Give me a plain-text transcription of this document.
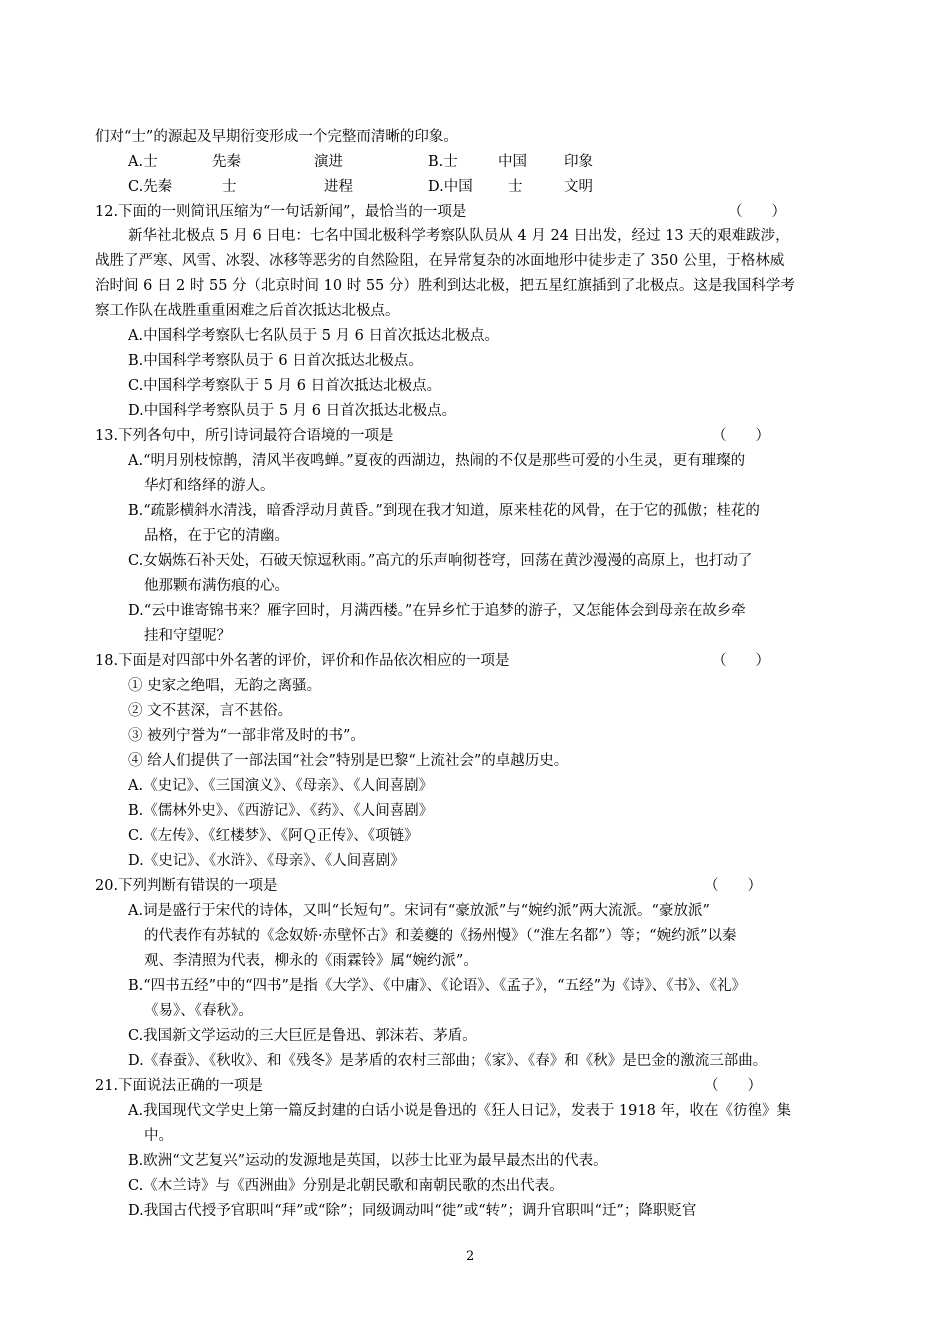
们对“士”的源起及早期衍变形成一个完整而清晰的印象。
A.士	先秦	演进	B.士	中国	印象
C.先秦	士	进程	D.中国 士	文明
12.下面的一则简讯压缩为“一句话新闻”，最恰当的一项是	（　　）
新华社北极点 5 月 6 日电：七名中国北极科学考察队队员从 4 月 24 日出发，经过 13 天的艰难跋涉，
战胜了严寒、风雪、冰裂、冰移等恶劣的自然险阻，在异常复杂的冰面地形中徒步走了 350 公里，于格林威
治时间 6 日 2 时 55 分（北京时间 10 时 55 分）胜利到达北极，把五星红旗插到了北极点。这是我国科学考
察工作队在战胜重重困难之后首次抵达北极点。
A.中国科学考察队七名队员于 5 月 6 日首次抵达北极点。
B.中国科学考察队员于 6 日首次抵达北极点。
C.中国科学考察队于 5 月 6 日首次抵达北极点。
D.中国科学考察队员于 5 月 6 日首次抵达北极点。
13.下列各句中，所引诗词最符合语境的一项是	（　　）
A.“明月别枝惊鹊，清风半夜鸣蝉。”夏夜的西湖边，热闹的不仅是那些可爱的小生灵，更有璀璨的
华灯和络绎的游人。
B.“疏影横斜水清浅，暗香浮动月黄昏。”到现在我才知道，原来桂花的风骨，在于它的孤傲；桂花的
品格，在于它的清幽。
C.女娲炼石补天处，石破天惊逗秋雨。”高亢的乐声响彻苍穹，回荡在黄沙漫漫的高原上，也打动了
他那颗布满伤痕的心。
D.“云中谁寄锦书来？雁字回时，月满西楼。”在异乡忙于追梦的游子，又怎能体会到母亲在故乡牵
挂和守望呢？
18.下面是对四部中外名著的评价，评价和作品依次相应的一项是	（　　）
① 史家之绝唱，无韵之离骚。
② 文不甚深，言不甚俗。
③ 被列宁誉为“一部非常及时的书”。
④ 给人们提供了一部法国“社会”特别是巴黎“上流社会”的卓越历史。
A.《史记》、《三国演义》、《母亲》、《人间喜剧》
B.《儒林外史》、《西游记》、《药》、《人间喜剧》
C.《左传》、《红楼梦》、《阿Ｑ正传》、《项链》
D.《史记》、《水浒》、《母亲》、《人间喜剧》
20.下列判断有错误的一项是	（　　）
A.词是盛行于宋代的诗体，又叫“长短句”。宋词有“豪放派”与“婉约派”两大流派。“豪放派”
的代表作有苏轼的《念奴娇·赤壁怀古》和姜夔的《扬州慢》（“淮左名都”）等；“婉约派”以秦
观、李清照为代表，柳永的《雨霖铃》属“婉约派”。
B.“四书五经”中的“四书”是指《大学》、《中庸》、《论语》、《孟子》，“五经”为《诗》、《书》、《礼》
《易》、《春秋》。
C.我国新文学运动的三大巨匠是鲁迅、郭沫若、茅盾。
D.《春蚕》、《秋收》、和《残冬》是茅盾的农村三部曲；《家》、《春》和《秋》是巴金的激流三部曲。
21.下面说法正确的一项是	（　　）
A.我国现代文学史上第一篇反封建的白话小说是鲁迅的《狂人日记》，发表于 1918 年，收在《彷徨》集
中。
B.欧洲“文艺复兴”运动的发源地是英国，以莎士比亚为最早最杰出的代表。
C.《木兰诗》与《西洲曲》分别是北朝民歌和南朝民歌的杰出代表。
D.我国古代授予官职叫“拜”或“除”；同级调动叫“徙”或“转”；调升官职叫“迁”；降职贬官
2
